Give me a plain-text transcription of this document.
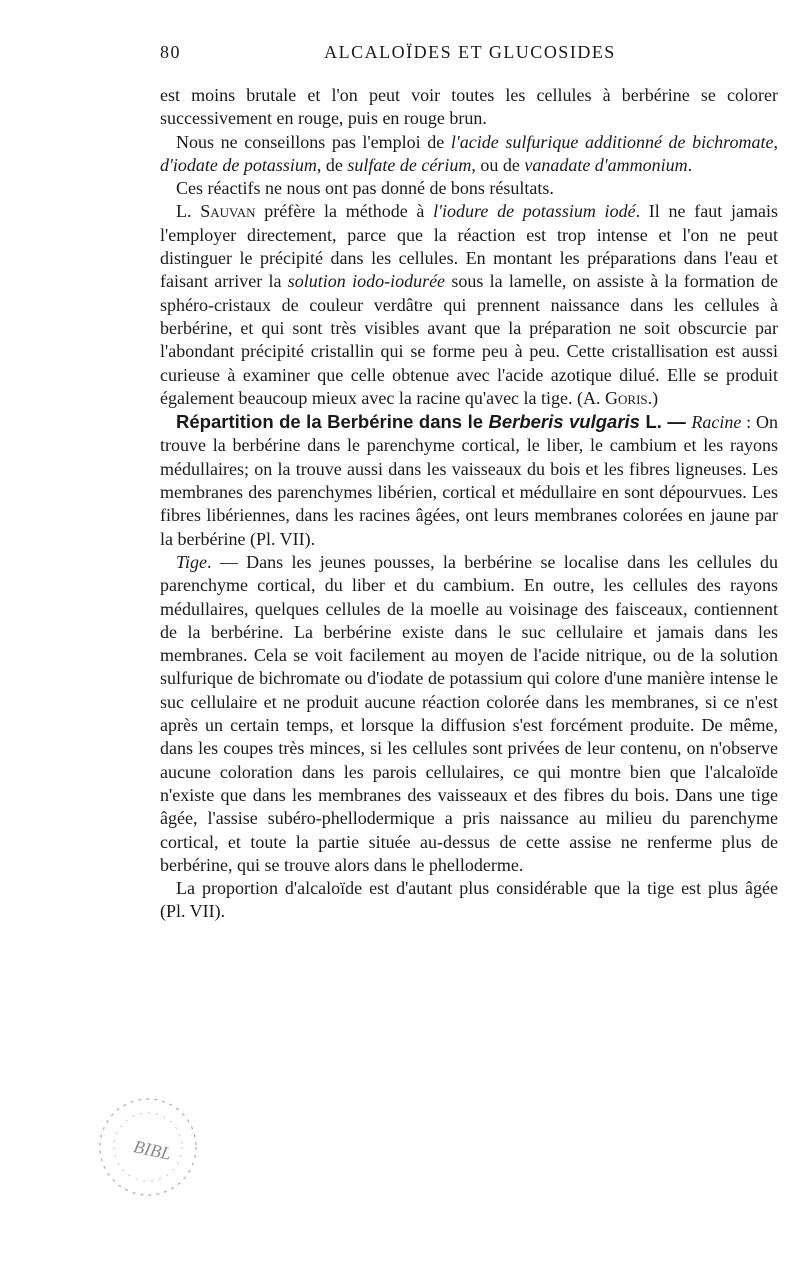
80	ALCALOÏDES ET GLUCOSIDES

est moins brutale et l'on peut voir toutes les cellules à berbérine se colorer successivement en rouge, puis en rouge brun.

Nous ne conseillons pas l'emploi de l'acide sulfurique additionné de bichromate, d'iodate de potassium, de sulfate de cérium, ou de vanadate d'ammonium.

Ces réactifs ne nous ont pas donné de bons résultats.

L. Sauvan préfère la méthode à l'iodure de potassium iodé. Il ne faut jamais l'employer directement, parce que la réaction est trop intense et l'on ne peut distinguer le précipité dans les cellules. En montant les préparations dans l'eau et faisant arriver la solution iodo-iodurée sous la lamelle, on assiste à la formation de sphéro-cristaux de couleur verdâtre qui prennent naissance dans les cellules à berbérine, et qui sont très visibles avant que la préparation ne soit obscurcie par l'abondant précipité cristallin qui se forme peu à peu. Cette cristallisation est aussi curieuse à examiner que celle obtenue avec l'acide azotique dilué. Elle se produit également beaucoup mieux avec la racine qu'avec la tige. (A. Goris.)

Répartition de la Berbérine dans le Berberis vulgaris L. — Racine : On trouve la berbérine dans le parenchyme cortical, le liber, le cambium et les rayons médullaires; on la trouve aussi dans les vaisseaux du bois et les fibres ligneuses. Les membranes des parenchymes libérien, cortical et médullaire en sont dépourvues. Les fibres libériennes, dans les racines âgées, ont leurs membranes colorées en jaune par la berbérine (Pl. VII).

Tige. — Dans les jeunes pousses, la berbérine se localise dans les cellules du parenchyme cortical, du liber et du cambium. En outre, les cellules des rayons médullaires, quelques cellules de la moelle au voisinage des faisceaux, contiennent de la berbérine. La berbérine existe dans le suc cellulaire et jamais dans les membranes. Cela se voit facilement au moyen de l'acide nitrique, ou de la solution sulfurique de bichromate ou d'iodate de potassium qui colore d'une manière intense le suc cellulaire et ne produit aucune réaction colorée dans les membranes, si ce n'est après un certain temps, et lorsque la diffusion s'est forcément produite. De même, dans les coupes très minces, si les cellules sont privées de leur contenu, on n'observe aucune coloration dans les parois cellulaires, ce qui montre bien que l'alcaloïde n'existe que dans les membranes des vaisseaux et des fibres du bois. Dans une tige âgée, l'assise subéro-phellodermique a pris naissance au milieu du parenchyme cortical, et toute la partie située au-dessus de cette assise ne renferme plus de berbérine, qui se trouve alors dans le phelloderme.

La proportion d'alcaloïde est d'autant plus considérable que la tige est plus âgée (Pl. VII).

BIBL
